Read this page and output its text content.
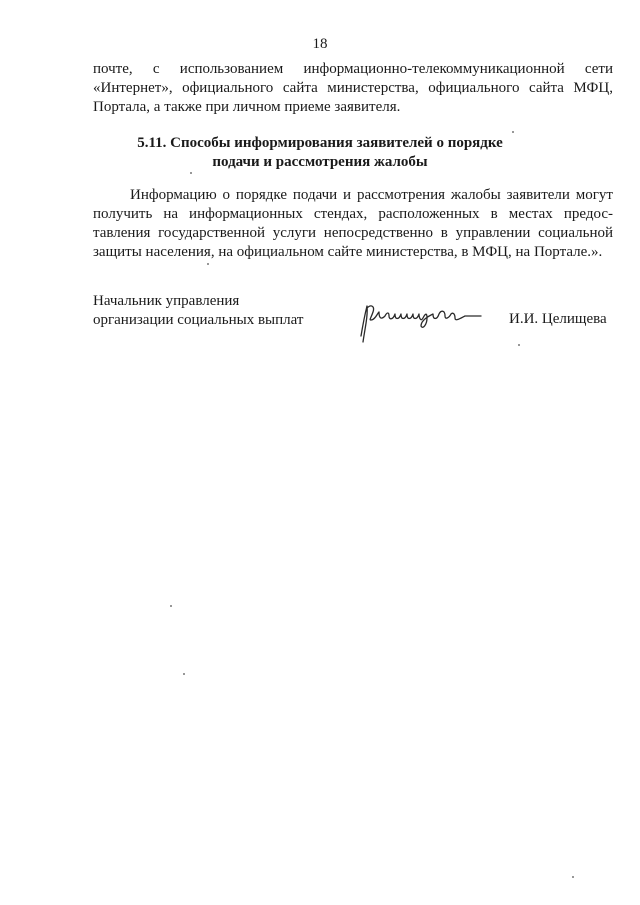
18
почте, с использованием информационно-телекоммуникационной сети
«Интернет», официального сайта министерства, официального сайта МФЦ,
Портала, а также при личном приеме заявителя.
5.11. Способы информирования заявителей о порядке
подачи и рассмотрения жалобы
Информацию о порядке подачи и рассмотрения жалобы заявители могут
получить на информационных стендах, расположенных в местах предос-
тавления государственной услуги непосредственно в управлении социальной
защиты населения, на официальном сайте министерства, в МФЦ, на Портале.».
Начальник управления
организации социальных выплат	И.И. Целищева
